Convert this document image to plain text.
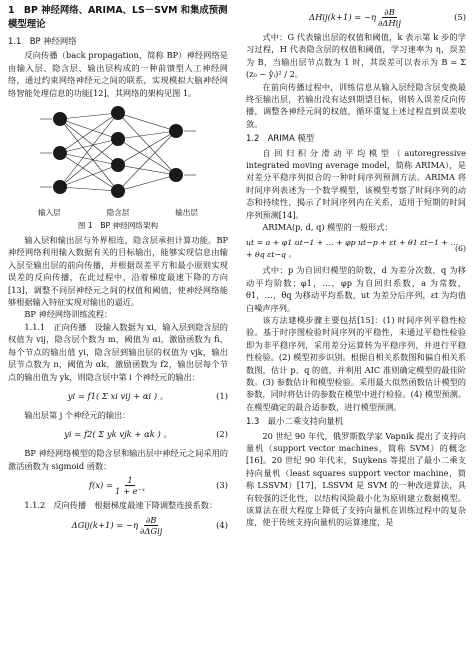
1　BP 神经网络、ARIMA、LS－SVM 和集成预测模型理论
1.1　BP 神经网络

反向传播（back propagation，简称 BP）神经网络是由输入层、隐含层、输出层构成的一种前馈型人工神经网络，通过约束网络神经元之间的联系，实现模拟大脑神经网络智能处理信息的功能[12]，其网络的架构见图 1。

输入层	隐含层	输出层
图 1　BP 神经网络架构

输入层和输出层与外界相连，隐含层承担计算功能。BP 神经网络利用输入数据有关的目标输出，能够实现信息由输入层至输出层的前向传播，并根据误差平方和最小原则实现误差的反向传播，在此过程中，沿着梯度最速下降的方向[13]，调整不同层神经元之间的权值和阈值，使神经网络能够根据输入特征实现对输出的逼近。

BP 神经网络训练流程：

1.1.1　正向传播　设输入数据为 xi，输入层到隐含层的权值为 vij，隐含层个数为 m，阈值为 αi，激励函数为 fi，每个节点的输出值 yi，隐含层到输出层的权值为 vjk，输出层节点数为 n，阈值为 αk，激励函数为 f2，输出层每个节点的输出值为 yk，则隐含层中第 i 个神经元的输出：

yi = f1( Σ xi vij + αi ) 。	(1)

输出层第 j 个神经元的输出：

yi = f2( Σ yk vjk + αk ) 。	(2)

BP 神经网络模型的隐含层和输出层中神经元之间采用的激活函数为 sigmoid 函数：

$f(x) = \frac{1}{\text{1 + e⁻ˣ}}$	(3)

1.1.2　反向传播　根据梯度最速下降调整连接系数：

$\Delta Gij(k+1) = -\eta \frac{\partial B}{\text{∂ΔGij}}$	(4)
$\Delta Hij(k+1) = -\eta \frac{\partial B}{\text{∂ΔHij}}$	(5)

式中：G 代表输出层的权值和阈值，k 表示第 k 步的学习过程，H 代表隐含层的权值和阈值，学习速率为 η，误差为 B，当输出层节点数为 1 时，其误差可以表示为 B = Σ (z₀ − ŷᵢ)² / 2。

在前向传播过程中，训练信息从输入层经隐含层变换最终至输出层，若输出没有达到期望目标，则转入误差反向传播，调整各神经元间的权值，循环重复上述过程直到误差收敛。

1.2　ARIMA 模型

自回归积分滑动平均模型（autoregressive integrated moving average model，简称 ARIMA），是对差分平稳序列拟合的一种时间序列预测方法。ARIMA 将时间序列表述为一个数学模型，该模型考察了时间序列的动态和持续性，揭示了时间序列内在关系，适用于短期的时间序列预测[14]。

ARIMA(p, d, q) 模型的一般形式：

ut = a + φ1 ut−1 + … + φp ut−p + εt + θ1 εt−1 + … + θq εt−q 。
(6)

式中：p 为自回归模型的阶数，d 为差分次数，q 为移动平均阶数；φ1，…，φp 为自回归系数，a 为常数，θ1，…，θq 为移动平均系数，ut 为差分后序列，εt 为均值白噪声序列。

该方法建模步骤主要包括[15]：(1) 时间序列平稳性检验。基于时序图检验时间序列的平稳性，未通过平稳性检验即为非平稳序列，采用差分运算转为平稳序列，并进行平稳性检验。(2) 模型初步识别。根据自相关系数图和偏自相关系数图，估计 p、q 的值，并利用 AIC 准则确定模型的最佳阶数。(3) 参数估计和模型检验。采用最大似然函数估计模型的参数，同时将估计的参数在模型中进行检验。(4) 模型预测。在模型确定的最合适参数，进行模型预测。

1.3　最小二乘支持向量机

20 世纪 90 年代，俄罗斯数学家 Vapnik 提出了支持向量机（support vector machines，简称 SVM）的概念[16]。20 世纪 90 年代末，Suykens 等提出了最小二乘支持向量机（least squares support vector machine，简称 LSSVM）[17]，LSSVM 是 SVM 的一种改进算法，具有较强的泛化性，以结构风险最小化为原则建立数据模型。该算法在很大程度上降低了支持向量机在训练过程中的复杂度，使于传统支持向量机的运算速度，是
